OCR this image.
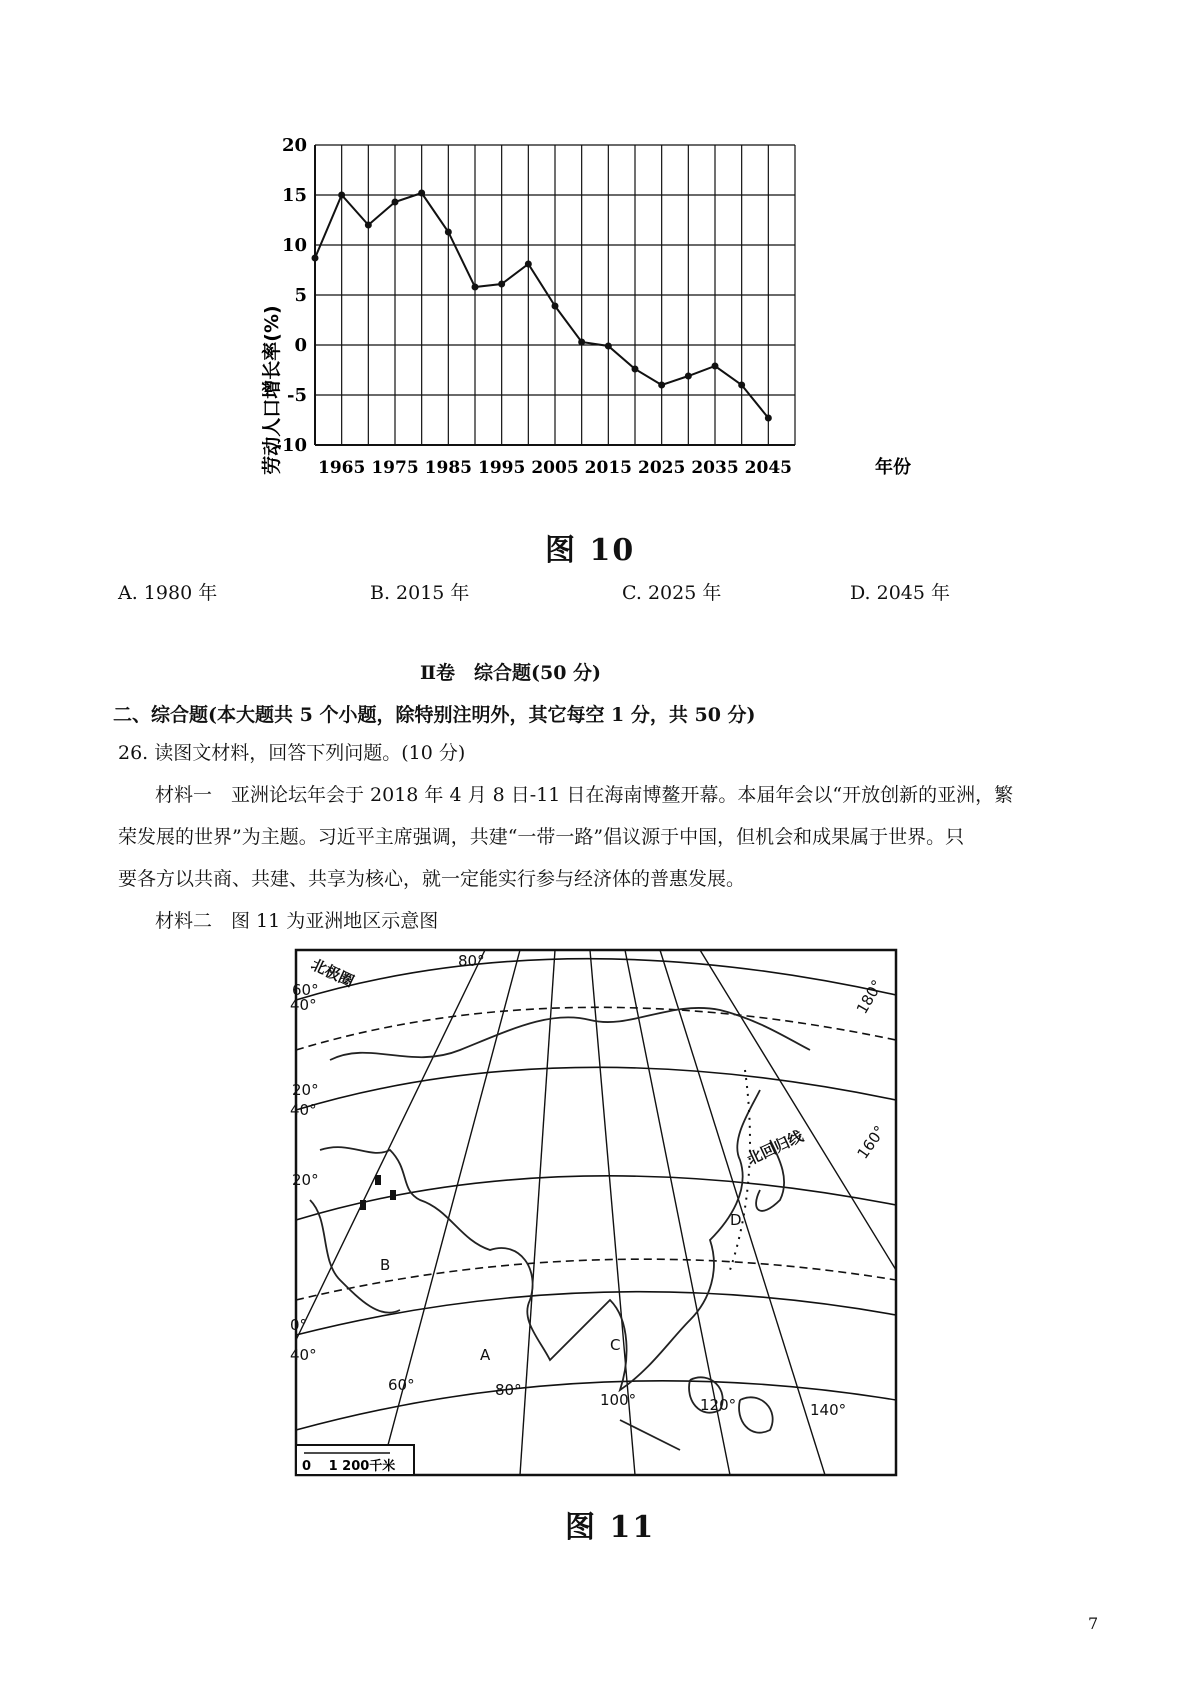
20
15
10
5
0
-5
-10
1965 1975 1985 1995 2005 2015 2025 2035 2045
劳动人口增长率(%)	年份
图 10
A. 1980 年	B. 2015 年	C. 2025 年	D. 2045 年
Ⅱ卷　综合题(50 分)
二、综合题(本大题共 5 个小题，除特别注明外，其它每空 1 分，共 50 分)
26. 读图文材料，回答下列问题。(10 分)
材料一　亚洲论坛年会于 2018 年 4 月 8 日-11 日在海南博鳌开幕。本届年会以“开放创新的亚洲，繁
荣发展的世界”为主题。习近平主席强调，共建“一带一路”倡议源于中国，但机会和成果属于世界。只
要各方以共商、共建、共享为核心，就一定能实行参与经济体的普惠发展。
材料二　图 11 为亚洲地区示意图
北极圈
北回归线
80°
60°
40°
20°
40°
20°
0°
40°
60°	80°
100°	120°	140°
160°
180°
A
B
C
D
0　 1 200千米
图 11
7
